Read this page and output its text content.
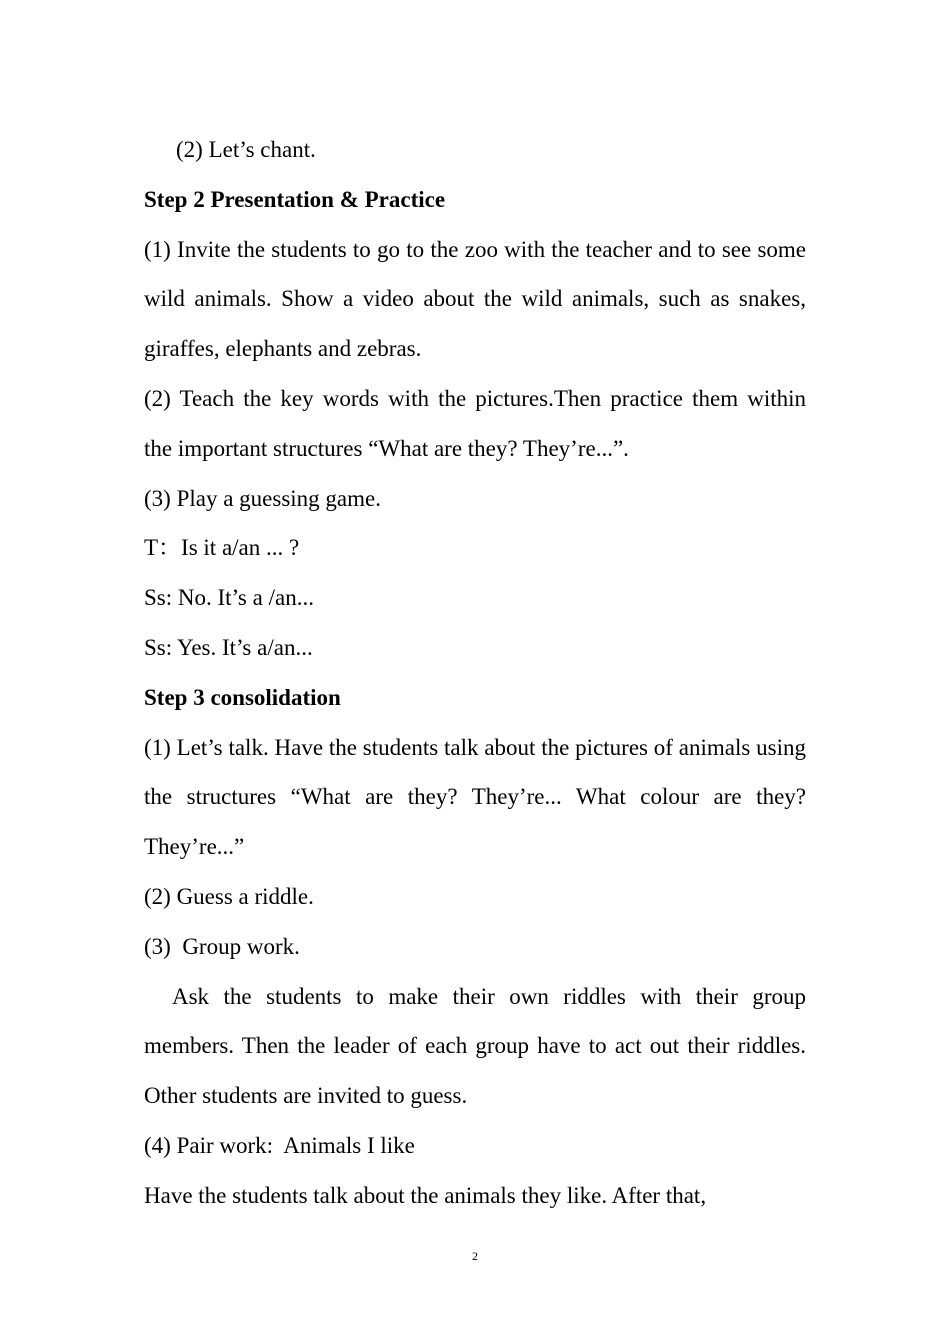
(2) Let’s chant.

Step 2 Presentation & Practice

(1) Invite the students to go to the zoo with the teacher and to see some wild animals. Show a video about the wild animals, such as snakes, giraffes, elephants and zebras.

(2) Teach the key words with the pictures.Then practice them within the important structures “What are they? They’re...”.

(3) Play a guessing game.

T：Is it a/an ... ?

Ss: No. It’s a /an...

Ss: Yes. It’s a/an...

Step 3 consolidation

(1) Let’s talk. Have the students talk about the pictures of animals using the structures “What are they? They’re... What colour are they? They’re...”

(2) Guess a riddle.

(3)  Group work.

Ask the students to make their own riddles with their group members. Then the leader of each group have to act out their riddles. Other students are invited to guess.

(4) Pair work:  Animals I like

Have the students talk about the animals they like. After that,

2
